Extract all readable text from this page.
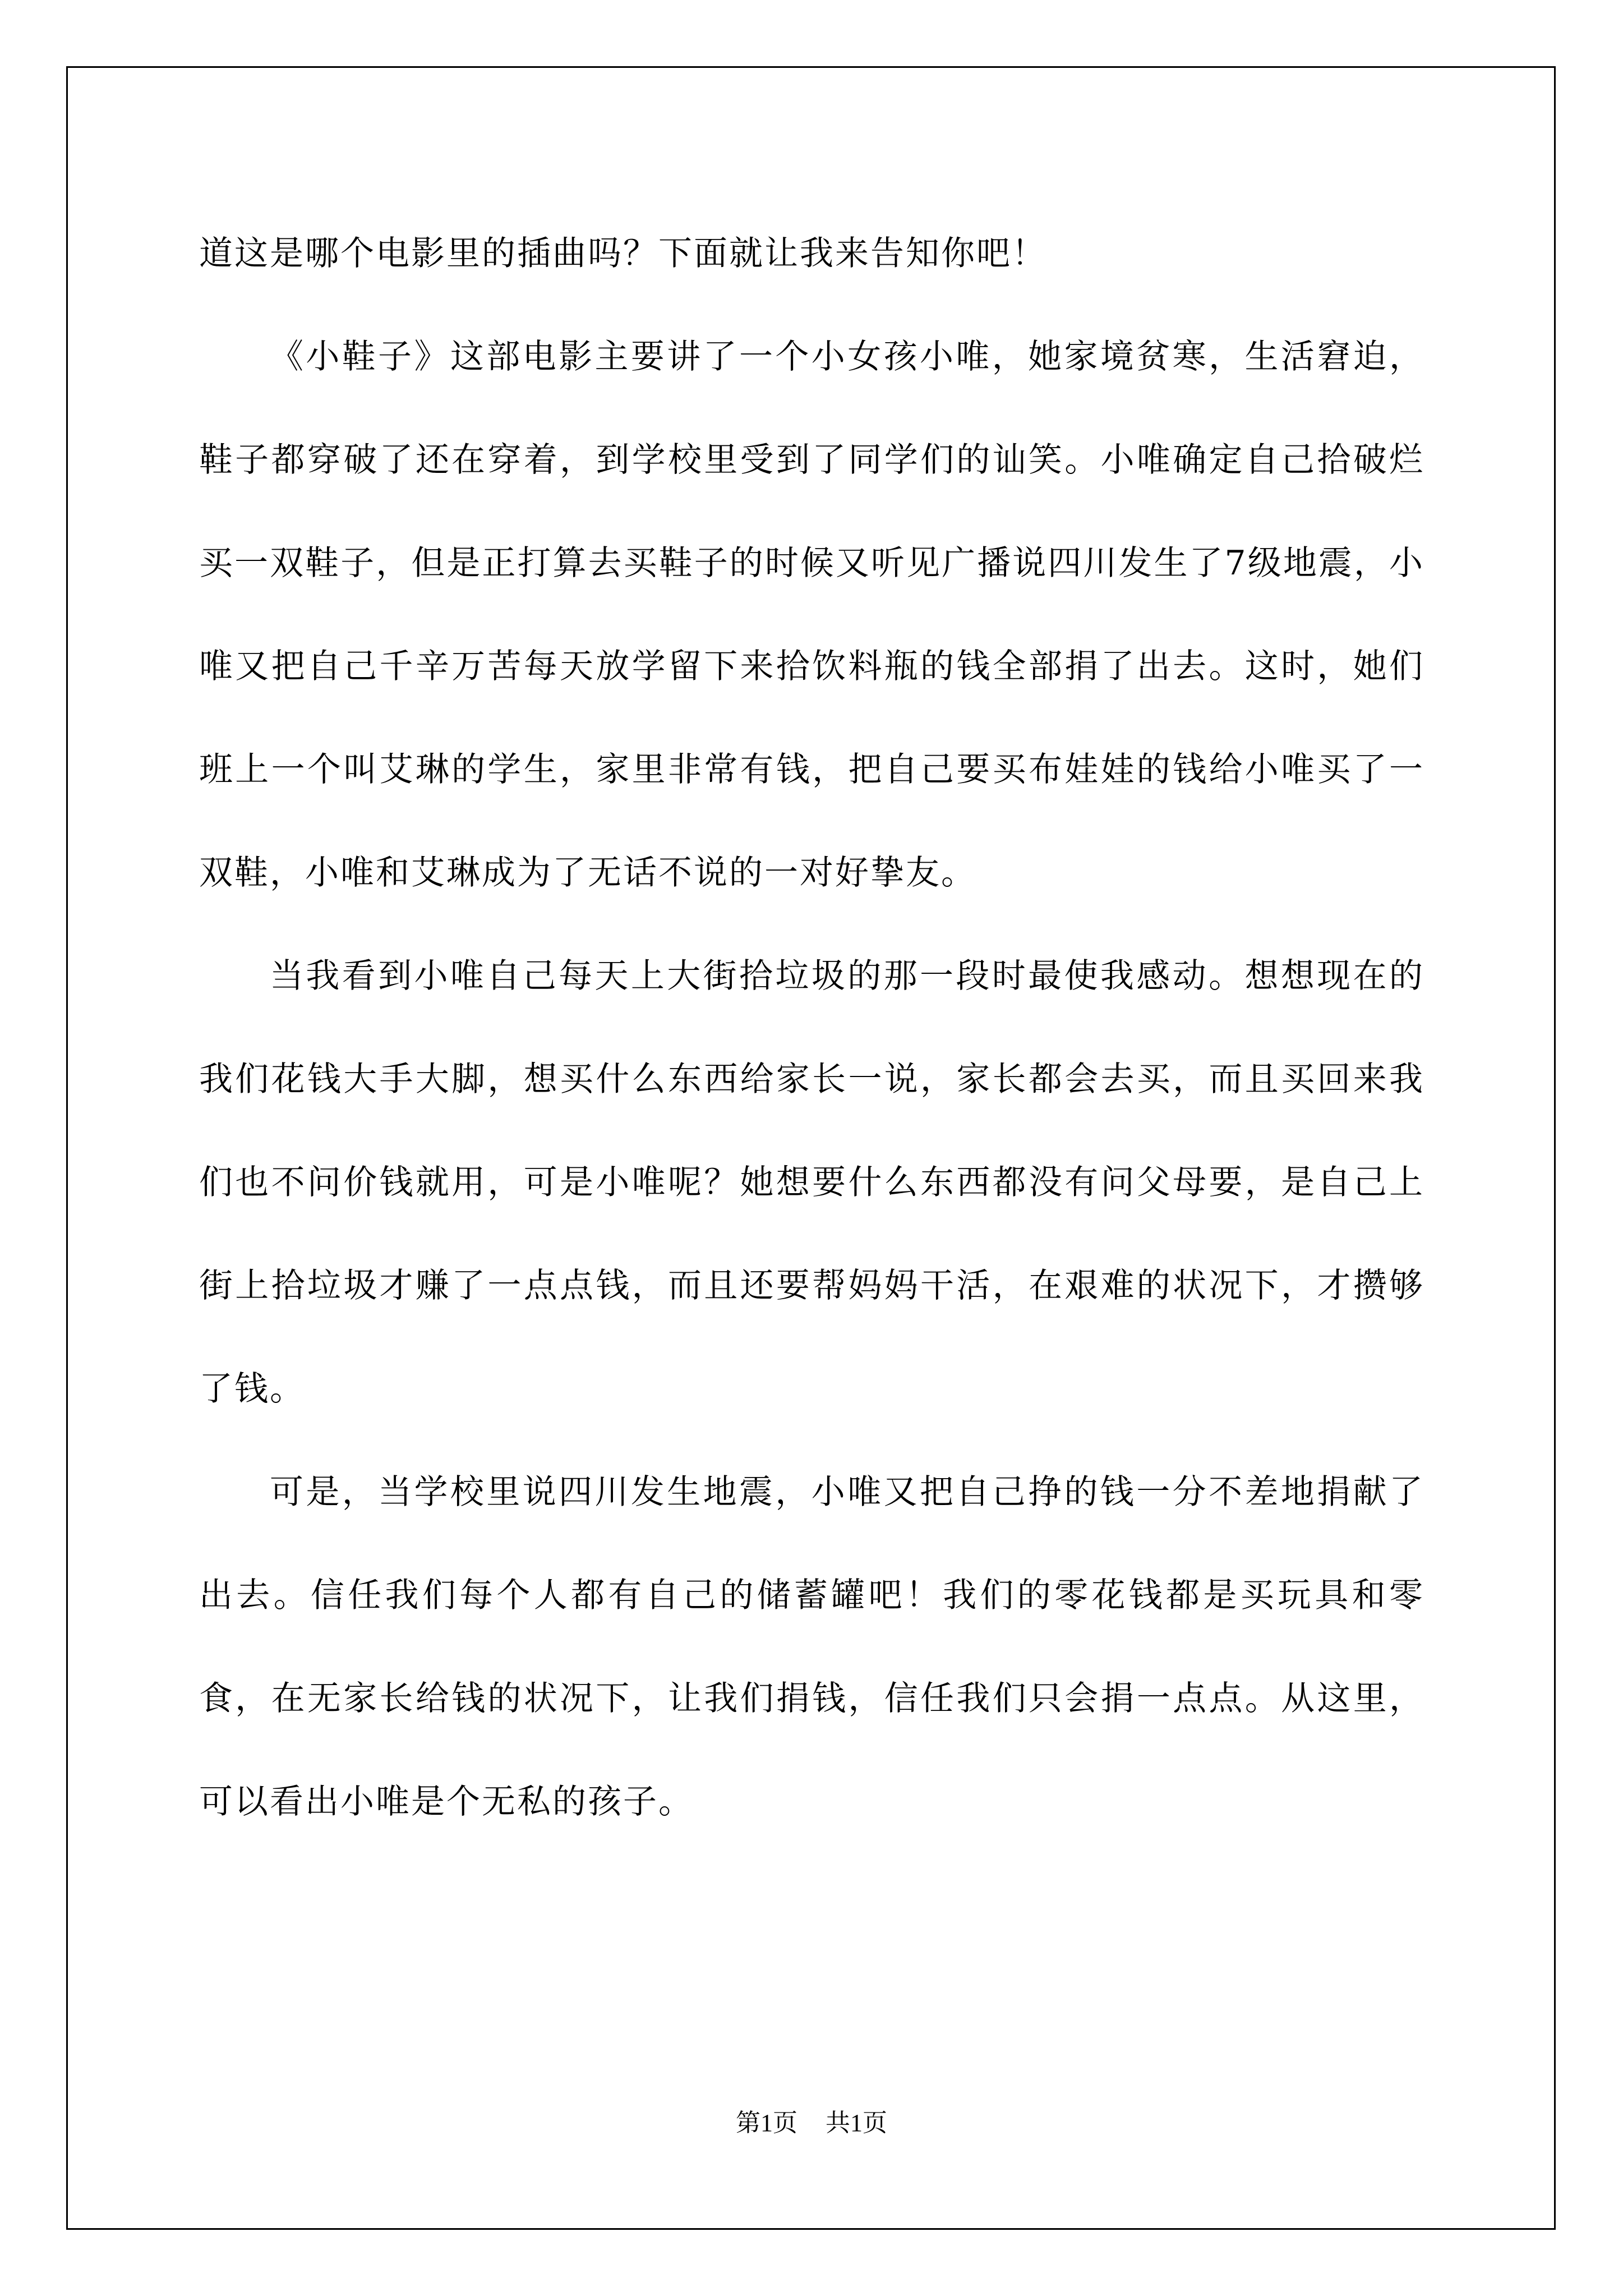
道这是哪个电影里的插曲吗？下面就让我来告知你吧！

《小鞋子》这部电影主要讲了一个小女孩小唯，她家境贫寒，生活窘迫，鞋子都穿破了还在穿着，到学校里受到了同学们的讪笑。小唯确定自己拾破烂买一双鞋子，但是正打算去买鞋子的时候又听见广播说四川发生了7级地震，小唯又把自己千辛万苦每天放学留下来拾饮料瓶的钱全部捐了出去。这时，她们班上一个叫艾琳的学生，家里非常有钱，把自己要买布娃娃的钱给小唯买了一双鞋，小唯和艾琳成为了无话不说的一对好挚友。

当我看到小唯自己每天上大街拾垃圾的那一段时最使我感动。想想现在的我们花钱大手大脚，想买什么东西给家长一说，家长都会去买，而且买回来我们也不问价钱就用，可是小唯呢？她想要什么东西都没有问父母要，是自己上街上拾垃圾才赚了一点点钱，而且还要帮妈妈干活，在艰难的状况下，才攒够了钱。

可是，当学校里说四川发生地震，小唯又把自己挣的钱一分不差地捐献了出去。信任我们每个人都有自己的储蓄罐吧！我们的零花钱都是买玩具和零食，在无家长给钱的状况下，让我们捐钱，信任我们只会捐一点点。从这里，可以看出小唯是个无私的孩子。

第1页 共1页
